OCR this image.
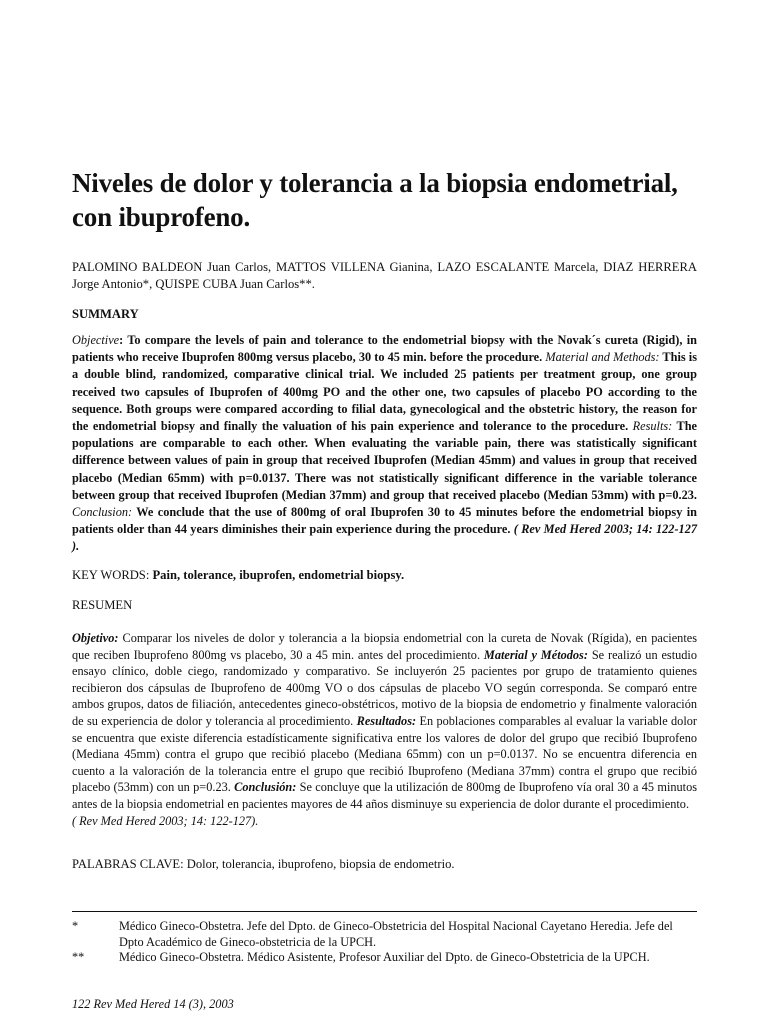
Niveles de dolor y tolerancia a la biopsia endometrial, con ibuprofeno.
PALOMINO BALDEON Juan Carlos, MATTOS VILLENA Gianina, LAZO ESCALANTE Marcela, DIAZ HERRERA Jorge Antonio*, QUISPE CUBA Juan Carlos**.
SUMMARY
Objective: To compare the levels of pain and tolerance to the endometrial biopsy with the Novak´s cureta (Rigid), in patients who receive Ibuprofen 800mg versus placebo, 30 to 45 min. before the procedure. Material and Methods: This is a double blind, randomized, comparative clinical trial. We included 25 patients per treatment group, one group received two capsules of Ibuprofen of 400mg PO and the other one, two capsules of placebo PO according to the sequence. Both groups were compared according to filial data, gynecological and the obstetric history, the reason for the endometrial biopsy and finally the valuation of his pain experience and tolerance to the procedure. Results: The populations are comparable to each other. When evaluating the variable pain, there was statistically significant difference between values of pain in group that received Ibuprofen (Median 45mm) and values in group that received placebo (Median 65mm) with p=0.0137. There was not statistically significant difference in the variable tolerance between group that received Ibuprofen (Median 37mm) and group that received placebo (Median 53mm) with p=0.23. Conclusion: We conclude that the use of 800mg of oral Ibuprofen 30 to 45 minutes before the endometrial biopsy in patients older than 44 years diminishes their pain experience during the procedure. ( Rev Med Hered 2003; 14: 122-127 ).
KEY WORDS: Pain, tolerance, ibuprofen, endometrial biopsy.
RESUMEN
Objetivo: Comparar los niveles de dolor y tolerancia a la biopsia endometrial con la cureta de Novak (Rígida), en pacientes que reciben Ibuprofeno 800mg vs placebo, 30 a 45 min. antes del procedimiento. Material y Métodos: Se realizó un estudio ensayo clínico, doble ciego, randomizado y comparativo. Se incluyerón 25 pacientes por grupo de tratamiento quienes recibieron dos cápsulas de Ibuprofeno de 400mg VO o dos cápsulas de placebo VO según corresponda. Se comparó entre ambos grupos, datos de filiación, antecedentes gineco-obstétricos, motivo de la biopsia de endometrio y finalmente valoración de su experiencia de dolor y tolerancia al procedimiento. Resultados: En poblaciones comparables al evaluar la variable dolor se encuentra que existe diferencia estadísticamente significativa entre los valores de dolor del grupo que recibió Ibuprofeno (Mediana 45mm) contra el grupo que recibió placebo (Mediana 65mm) con un p=0.0137. No se encuentra diferencia en cuento a la valoración de la tolerancia entre el grupo que recibió Ibuprofeno (Mediana 37mm) contra el grupo que recibió placebo (53mm) con un p=0.23. Conclusión: Se concluye que la utilización de 800mg de Ibuprofeno vía oral 30 a 45 minutos antes de la biopsia endometrial en pacientes mayores de 44 años disminuye su experiencia de dolor durante el procedimiento.
( Rev Med Hered 2003; 14: 122-127).
PALABRAS CLAVE: Dolor, tolerancia, ibuprofeno, biopsia de endometrio.
*	Médico Gineco-Obstetra. Jefe del Dpto. de Gineco-Obstetricia del Hospital Nacional Cayetano Heredia. Jefe del Dpto Académico de Gineco-obstetricia de la UPCH.
**	Médico Gineco-Obstetra. Médico Asistente, Profesor Auxiliar del Dpto. de Gineco-Obstetricia de la UPCH.
122 Rev Med Hered 14 (3), 2003
